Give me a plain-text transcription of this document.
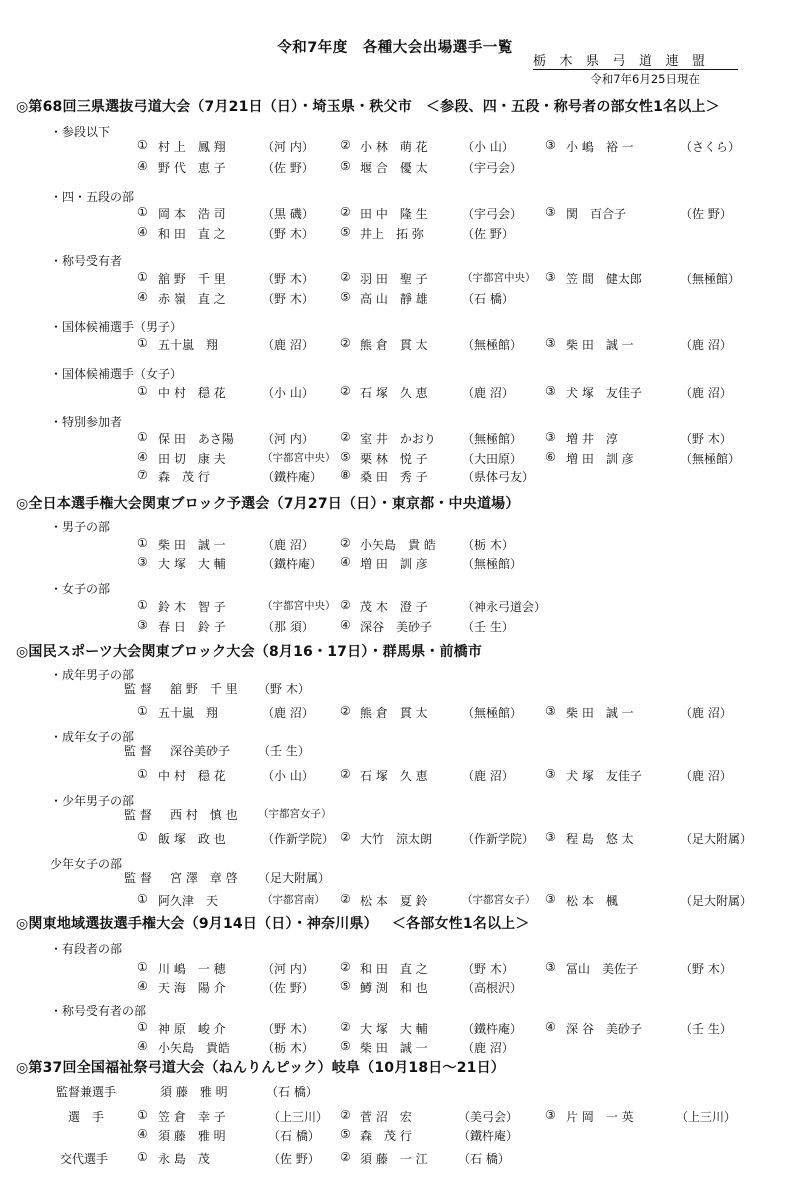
令和7年度　各種大会出場選手一覧
栃木県弓道連盟
令和7年6月25日現在
◎第68回三県選抜弓道大会（7月21日（日）・埼玉県・秩父市 ＜参段、四・五段・称号者の部女性1名以上＞
・参段以下
① 村 上　鳳 翔	（河 内） ② 小 林　萌 花	（小 山）	③ 小 嶋　裕 一	（さくら）
④ 野 代　恵 子	（佐 野） ⑤ 堰 合　優 太	（宇弓会）
・四・五段の部
① 岡 本　浩 司	（黒 磯） ② 田 中　隆 生	（宇弓会） ③ 関　百合子	（佐 野）
④ 和 田　直 之	（野 木） ⑤ 井上　拓 弥	（佐 野）
・称号受有者
① 舘 野　千 里	（野 木） ② 羽 田　聖 子	（宇都宮中央） ③ 笠 間　健太郎	（無極館）
④ 赤 嶺　直 之	（野 木） ⑤ 高 山　靜 雄	（石 橋）
・国体候補選手（男子）
① 五十嵐　翔	（鹿 沼） ② 熊 倉　貫 太	（無極館） ③ 柴 田　誠 一	（鹿 沼）
・国体候補選手（女子）
① 中 村　穏 花	（小 山） ② 石 塚　久 恵	（鹿 沼）	③ 犬 塚　友佳子	（鹿 沼）
・特別参加者
① 保 田　あさ陽 （河 内） ② 室 井　かおり （無極館） ③ 増 井　淳	（野 木）
④ 田 切　康 夫	（宇都宮中央） ⑤ 栗 林　悦 子	（大田原） ⑥ 増 田　訓 彦	（無極館）
⑦ 森　茂 行	（鐵杵庵） ⑧ 桑 田　秀 子	（県体弓友）
◎全日本選手権大会関東ブロック予選会（7月27日（日）・東京都・中央道場）
・男子の部
① 柴 田　誠 一	（鹿 沼） ② 小矢島　貴 皓 （栃 木）
③ 大 塚　大 輔	（鐵杵庵） ④ 増 田　訓 彦	（無極館）
・女子の部
① 鈴 木　智 子	（宇都宮中央） ② 茂 木　澄 子	（神永弓道会）
③ 春 日　鈴 子	（那 須） ④ 深谷　美砂子 （壬 生）
◎国民スポーツ大会関東ブロック大会（8月16・17日）・群馬県・前橋市
・成年男子の部
監 督 舘 野　千 里 （野 木）
① 五十嵐　翔	（鹿 沼） ② 熊 倉　貫 太	（無極館） ③ 柴 田　誠 一	（鹿 沼）
・成年女子の部
監 督 深谷美砂子 （壬 生）
① 中 村　穏 花	（小 山） ② 石 塚　久 恵	（鹿 沼）	③ 犬 塚　友佳子	（鹿 沼）
・少年男子の部
監 督 西 村　慎 也 （宇都宮女子）
① 飯 塚　政 也	（作新学院） ② 大竹　涼太朗 （作新学院） ③ 程 島　悠 太	（足大附属）
少年女子の部
監 督 宮 澤　章 啓 （足大附属）
① 阿久津　天	（宇都宮南） ② 松 本　夏 鈴	（宇都宮女子） ③ 松 本　楓	（足大附属）
◎関東地域選抜選手権大会（9月14日（日）・神奈川県） ＜各部女性1名以上＞
・有段者の部
① 川 嶋　一 穂	（河 内） ② 和 田　直 之	（野 木）	③ 冨山　美佐子	（野 木）
④ 天 海　陽 介	（佐 野） ⑤ 鱒 渕　和 也	（高根沢）
・称号受有者の部
① 神 原　峻 介	（野 木） ② 大 塚　大 輔	（鐵杵庵） ④ 深 谷　美砂子	（壬 生）
④ 小矢島　貴皓	（栃 木） ⑤ 柴 田　誠 一	（鹿 沼）
◎第37回全国福祉祭弓道大会（ねんりんピック）岐阜（10月18日～21日）
監督兼選手	須 藤　雅 明	（石 橋）
選　手	① 笠 倉　幸 子	（上三川） ② 菅 沼　宏	（美弓会） ③ 片 岡　一 英	（上三川）
④ 須 藤　雅 明	（石 橋） ⑤ 森　茂 行	（鐵杵庵）
交代選手 ① 永 島　茂	（佐 野） ② 須 藤　一 江	（石 橋）
